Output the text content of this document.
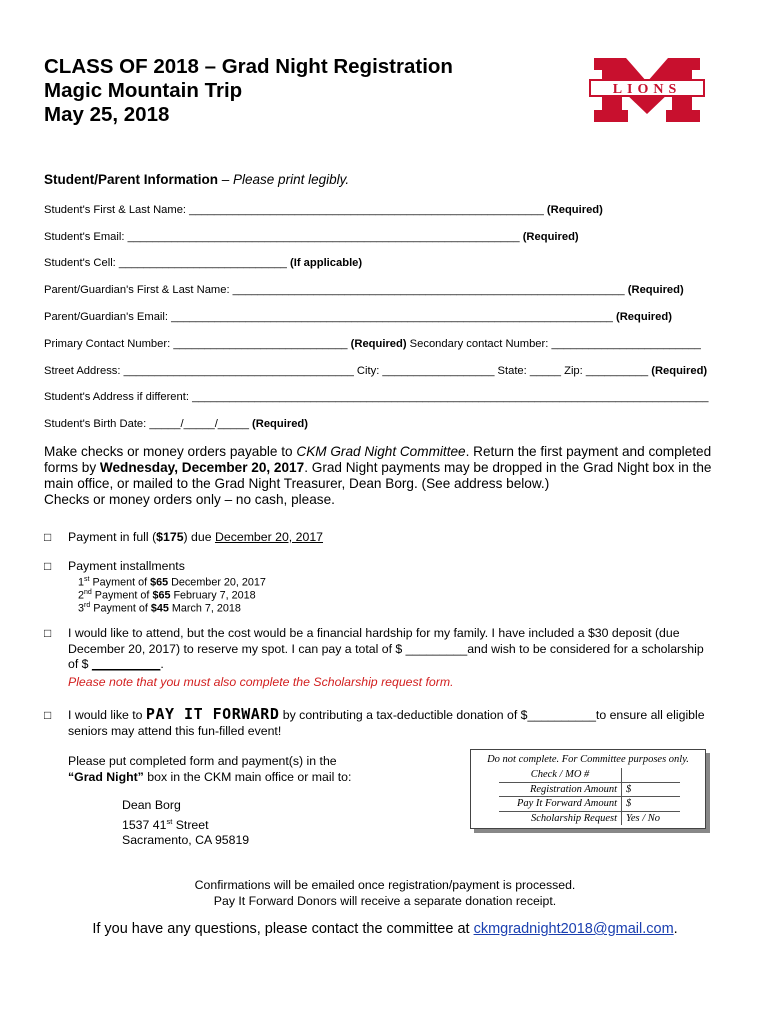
CLASS OF 2018 – Grad Night Registration
Magic Mountain Trip
May 25, 2018
LIONS
Student/Parent Information – Please print legibly.
Student's First & Last Name: _________________________________________________________ (Required)
Student's Email: _______________________________________________________________ (Required)
Student's Cell: ___________________________ (If applicable)
Parent/Guardian's First & Last Name: _______________________________________________________________ (Required)
Parent/Guardian's Email: _______________________________________________________________________ (Required)
Primary Contact Number: ____________________________ (Required) Secondary contact Number: ________________________
Street Address: _____________________________________ City: __________________ State: _____ Zip: __________ (Required)
Student's Address if different: ___________________________________________________________________________________
Student's Birth Date: _____/_____/_____ (Required)
Make checks or money orders payable to CKM Grad Night Committee. Return the first payment and completed forms by Wednesday, December 20, 2017. Grad Night payments may be dropped in the Grad Night box in the main office, or mailed to the Grad Night Treasurer, Dean Borg. (See address below.)
Checks or money orders only – no cash, please.
□ Payment in full ($175) due December 20, 2017
□ Payment installments
1st Payment of $65 December 20, 2017
2nd Payment of $65 February 7, 2018
3rd Payment of $45 March 7, 2018
□ I would like to attend, but the cost would be a financial hardship for my family. I have included a $30 deposit (due December 20, 2017) to reserve my spot. I can pay a total of $ _________and wish to be considered for a scholarship of $ __________.
Please note that you must also complete the Scholarship request form.
□ I would like to PAY IT FORWARD by contributing a tax-deductible donation of $__________to ensure all eligible seniors may attend this fun-filled event!
Please put completed form and payment(s) in the
“Grad Night” box in the CKM main office or mail to:
Dean Borg
1537 41st Street
Sacramento, CA 95819
Do not complete. For Committee purposes only.
Check / MO #	
Registration Amount	$
Pay It Forward Amount	$
Scholarship Request	Yes / No
Confirmations will be emailed once registration/payment is processed.
Pay It Forward Donors will receive a separate donation receipt.
If you have any questions, please contact the committee at ckmgradnight2018@gmail.com.
